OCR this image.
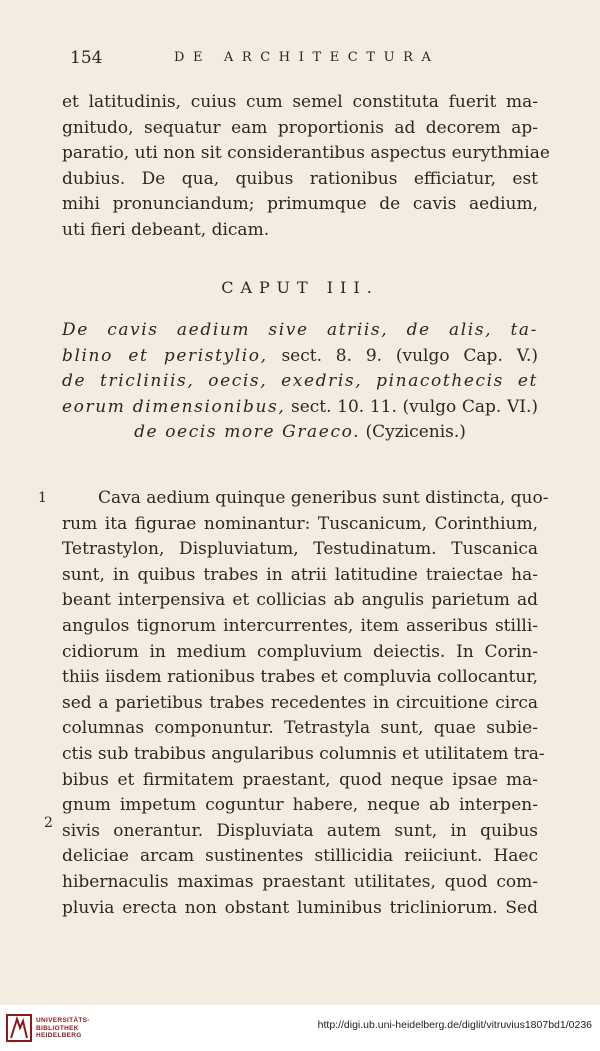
154	DE ARCHITECTURA
et latitudinis, cuius cum semel constituta fuerit ma-
gnitudo, sequatur eam proportionis ad decorem ap-
paratio, uti non sit considerantibus aspectus eurythmiae
dubius. De qua, quibus rationibus efficiatur, est
mihi pronunciandum; primumque de cavis aedium,
uti fieri debeant, dicam.
CAPUT III.
De cavis aedium sive atriis, de alis, ta-
blino et peristylio, sect. 8. 9. (vulgo Cap. V.)
de tricliniis, oecis, exedris, pinacothecis et
eorum dimensionibus, sect. 10. 11. (vulgo Cap. VI.)
de oecis more Graeco. (Cyzicenis.)
1
2
Cava aedium quinque generibus sunt distincta, quo-
rum ita figurae nominantur: Tuscanicum, Corinthium,
Tetrastylon, Displuviatum, Testudinatum. Tuscanica
sunt, in quibus trabes in atrii latitudine traiectae ha-
beant interpensiva et collicias ab angulis parietum ad
angulos tignorum intercurrentes, item asseribus stilli-
cidiorum in medium compluvium deiectis. In Corin-
thiis iisdem rationibus trabes et compluvia collocantur,
sed a parietibus trabes recedentes in circuitione circa
columnas componuntur. Tetrastyla sunt, quae subie-
ctis sub trabibus angularibus columnis et utilitatem tra-
bibus et firmitatem praestant, quod neque ipsae ma-
gnum impetum coguntur habere, neque ab interpen-
sivis onerantur. Displuviata autem sunt, in quibus
deliciae arcam sustinentes stillicidia reiiciunt. Haec
hibernaculis maximas praestant utilitates, quod com-
pluvia erecta non obstant luminibus tricliniorum. Sed
UNIVERSITÄTS-
BIBLIOTHEK
HEIDELBERG
http://digi.ub.uni-heidelberg.de/diglit/vitruvius1807bd1/0236
